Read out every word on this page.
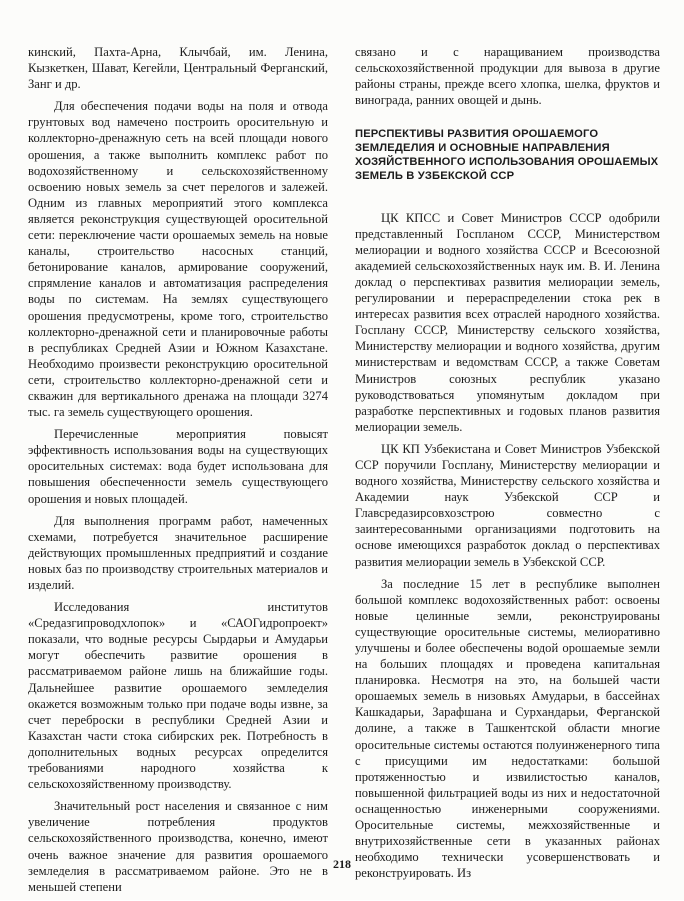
кинский, Пахта-Арна, Клычбай, им. Ленина, Кызкеткен, Шават, Кегейли, Центральный Ферганский, Занг и др.

Для обеспечения подачи воды на поля и отвода грунтовых вод намечено построить оросительную и коллекторно-дренажную сеть на всей площади нового орошения, а также выполнить комплекс работ по водохозяйственному и сельскохозяйственному освоению новых земель за счет перелогов и залежей. Одним из главных мероприятий этого комплекса является реконструкция существующей оросительной сети: переключение части орошаемых земель на новые каналы, строительство насосных станций, бетонирование каналов, армирование сооружений, спрямление каналов и автоматизация распределения воды по системам. На землях существующего орошения предусмотрены, кроме того, строительство коллекторно-дренажной сети и планировочные работы в республиках Средней Азии и Южном Казахстане. Необходимо произвести реконструкцию оросительной сети, строительство коллекторно-дренажной сети и скважин для вертикального дренажа на площади 3274 тыс. га земель существующего орошения.

Перечисленные мероприятия повысят эффективность использования воды на существующих оросительных системах: вода будет использована для повышения обеспеченности земель существующего орошения и новых площадей.

Для выполнения программ работ, намеченных схемами, потребуется значительное расширение действующих промышленных предприятий и создание новых баз по производству строительных материалов и изделий.

Исследования институтов «Средазгипроводхлопок» и «САОГидропроект» показали, что водные ресурсы Сырдарьи и Амударьи могут обеспечить развитие орошения в рассматриваемом районе лишь на ближайшие годы. Дальнейшее развитие орошаемого земледелия окажется возможным только при подаче воды извне, за счет переброски в республики Средней Азии и Казахстан части стока сибирских рек. Потребность в дополнительных водных ресурсах определится требованиями народного хозяйства к сельскохозяйственному производству.

Значительный рост населения и связанное с ним увеличение потребления продуктов сельскохозяйственного производства, конечно, имеют очень важное значение для развития орошаемого земледелия в рассматриваемом районе. Это не в меньшей степени

связано и с наращиванием производства сельскохозяйственной продукции для вывоза в другие районы страны, прежде всего хлопка, шелка, фруктов и винограда, ранних овощей и дынь.

ПЕРСПЕКТИВЫ РАЗВИТИЯ ОРОШАЕМОГО ЗЕМЛЕДЕЛИЯ И ОСНОВНЫЕ НАПРАВЛЕНИЯ ХОЗЯЙСТВЕННОГО ИСПОЛЬЗОВАНИЯ ОРОШАЕМЫХ ЗЕМЕЛЬ В УЗБЕКСКОЙ ССР

ЦК КПСС и Совет Министров СССР одобрили представленный Госпланом СССР, Министерством мелиорации и водного хозяйства СССР и Всесоюзной академией сельскохозяйственных наук им. В. И. Ленина доклад о перспективах развития мелиорации земель, регулировании и перераспределении стока рек в интересах развития всех отраслей народного хозяйства. Госплану СССР, Министерству сельского хозяйства, Министерству мелиорации и водного хозяйства, другим министерствам и ведомствам СССР, а также Советам Министров союзных республик указано руководствоваться упомянутым докладом при разработке перспективных и годовых планов развития мелиорации земель.

ЦК КП Узбекистана и Совет Министров Узбекской ССР поручили Госплану, Министерству мелиорации и водного хозяйства, Министерству сельского хозяйства и Академии наук Узбекской ССР и Главсредазирсовхозстрою совместно с заинтересованными организациями подготовить на основе имеющихся разработок доклад о перспективах развития мелиорации земель в Узбекской ССР.

За последние 15 лет в республике выполнен большой комплекс водохозяйственных работ: освоены новые целинные земли, реконструированы существующие оросительные системы, мелиоративно улучшены и более обеспечены водой орошаемые земли на больших площадях и проведена капитальная планировка. Несмотря на это, на большей части орошаемых земель в низовьях Амударьи, в бассейнах Кашкадарьи, Зарафшана и Сурхандарьи, Ферганской долине, а также в Ташкентской области многие оросительные системы остаются полуинженерного типа с присущими им недостатками: большой протяженностью и извилистостью каналов, повышенной фильтрацией воды из них и недостаточной оснащенностью инженерными сооружениями. Оросительные системы, межхозяйственные и внутрихозяйственные сети в указанных районах необходимо технически усовершенствовать и реконструировать. Из

218
